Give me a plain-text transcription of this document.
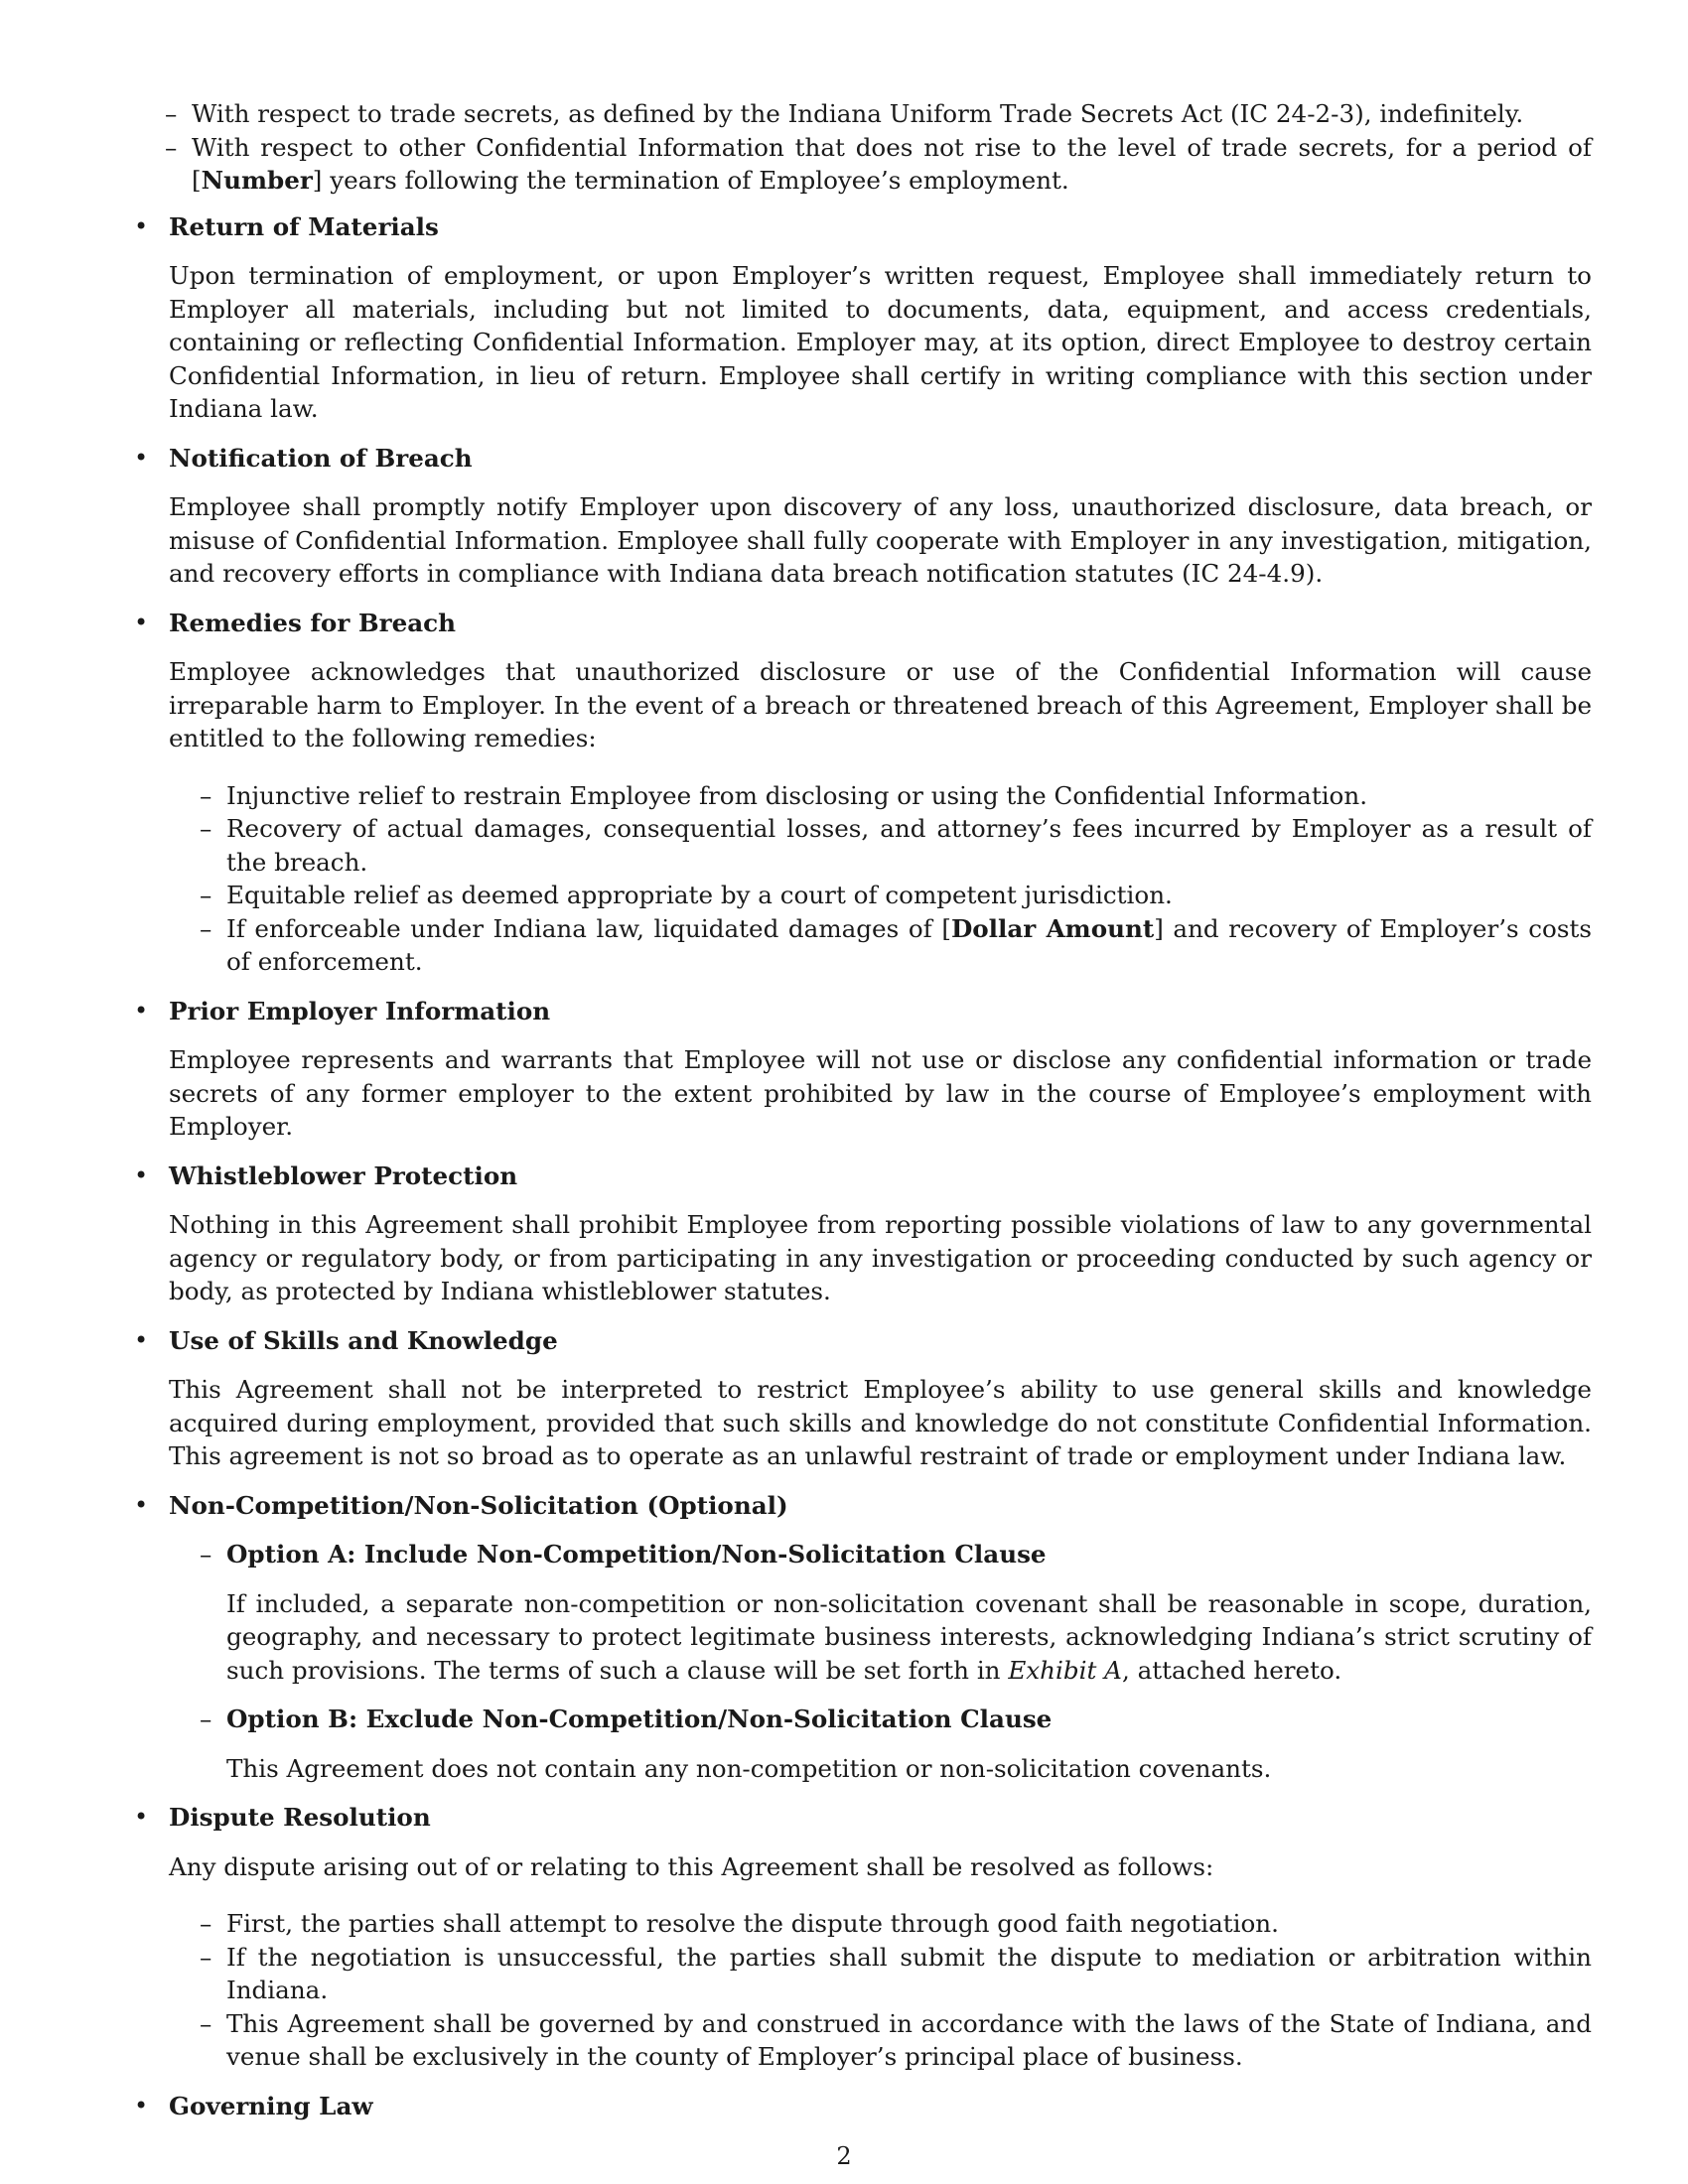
– With respect to trade secrets, as defined by the Indiana Uniform Trade Secrets Act (IC 24-2-3), indefinitely.
– With respect to other Confidential Information that does not rise to the level of trade secrets, for a period of [Number] years following the termination of Employee’s employment.
• Return of Materials

Upon termination of employment, or upon Employer’s written request, Employee shall immediately return to Employer all materials, including but not limited to documents, data, equipment, and access credentials, containing or reflecting Confidential Information. Employer may, at its option, direct Employee to destroy certain Confidential Information, in lieu of return. Employee shall certify in writing compliance with this section under Indiana law.

• Notification of Breach

Employee shall promptly notify Employer upon discovery of any loss, unauthorized disclosure, data breach, or misuse of Confidential Information. Employee shall fully cooperate with Employer in any investigation, mitigation, and recovery efforts in compliance with Indiana data breach notification statutes (IC 24-4.9).

• Remedies for Breach

Employee acknowledges that unauthorized disclosure or use of the Confidential Information will cause irreparable harm to Employer. In the event of a breach or threatened breach of this Agreement, Employer shall be entitled to the following remedies:

– Injunctive relief to restrain Employee from disclosing or using the Confidential Information.
– Recovery of actual damages, consequential losses, and attorney’s fees incurred by Employer as a result of the breach.
– Equitable relief as deemed appropriate by a court of competent jurisdiction.
– If enforceable under Indiana law, liquidated damages of [Dollar Amount] and recovery of Employer’s costs of enforcement.
• Prior Employer Information

Employee represents and warrants that Employee will not use or disclose any confidential information or trade secrets of any former employer to the extent prohibited by law in the course of Employee’s employment with Employer.

• Whistleblower Protection

Nothing in this Agreement shall prohibit Employee from reporting possible violations of law to any governmental agency or regulatory body, or from participating in any investigation or proceeding conducted by such agency or body, as protected by Indiana whistleblower statutes.

• Use of Skills and Knowledge

This Agreement shall not be interpreted to restrict Employee’s ability to use general skills and knowledge acquired during employment, provided that such skills and knowledge do not constitute Confidential Information. This agreement is not so broad as to operate as an unlawful restraint of trade or employment under Indiana law.

• Non-Competition/Non-Solicitation (Optional)
– Option A: Include Non-Competition/Non-Solicitation Clause
If included, a separate non-competition or non-solicitation covenant shall be reasonable in scope, duration, geography, and necessary to protect legitimate business interests, acknowledging Indiana’s strict scrutiny of such provisions. The terms of such a clause will be set forth in Exhibit A, attached hereto.
– Option B: Exclude Non-Competition/Non-Solicitation Clause
This Agreement does not contain any non-competition or non-solicitation covenants.
• Dispute Resolution

Any dispute arising out of or relating to this Agreement shall be resolved as follows:

– First, the parties shall attempt to resolve the dispute through good faith negotiation.
– If the negotiation is unsuccessful, the parties shall submit the dispute to mediation or arbitration within Indiana.
– This Agreement shall be governed by and construed in accordance with the laws of the State of Indiana, and venue shall be exclusively in the county of Employer’s principal place of business.
• Governing Law
2
